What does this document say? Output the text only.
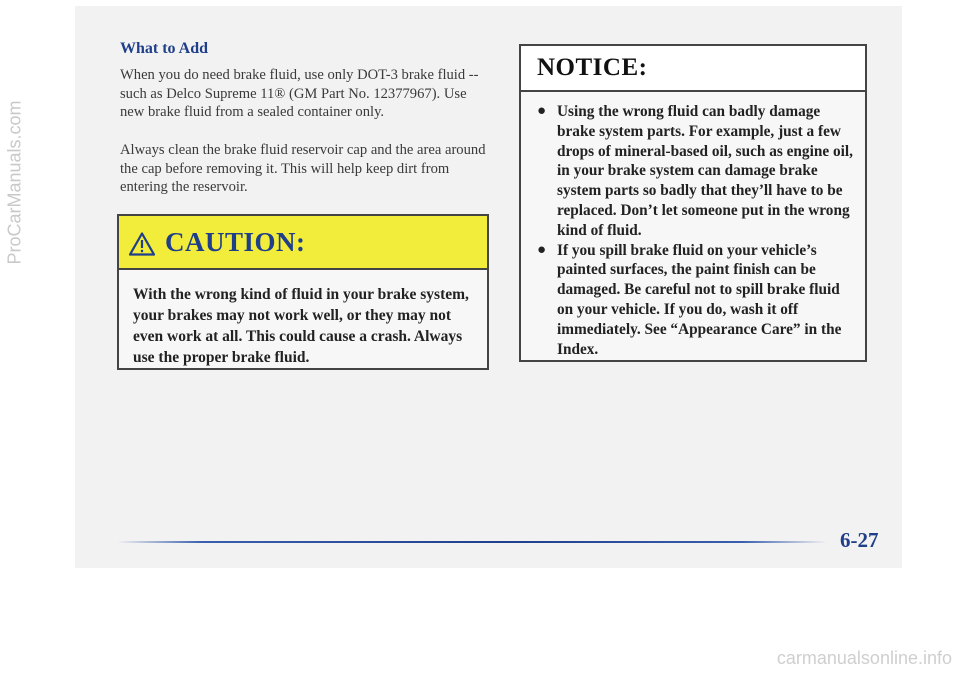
ProCarManuals.com
What to Add
When you do need brake fluid, use only DOT-3 brake fluid -- such as Delco Supreme 11® (GM Part No. 12377967). Use new brake fluid from a sealed container only.
Always clean the brake fluid reservoir cap and the area around the cap before removing it. This will help keep dirt from entering the reservoir.
CAUTION:
With the wrong kind of fluid in your brake system, your brakes may not work well, or they may not even work at all. This could cause a crash. Always use the proper brake fluid.
NOTICE:
● Using the wrong fluid can badly damage brake system parts. For example, just a few drops of mineral-based oil, such as engine oil, in your brake system can damage brake system parts so badly that they’ll have to be replaced. Don’t let someone put in the wrong kind of fluid.
● If you spill brake fluid on your vehicle’s painted surfaces, the paint finish can be damaged. Be careful not to spill brake fluid on your vehicle. If you do, wash it off immediately. See “Appearance Care” in the Index.
6-27
carmanualsonline.info
